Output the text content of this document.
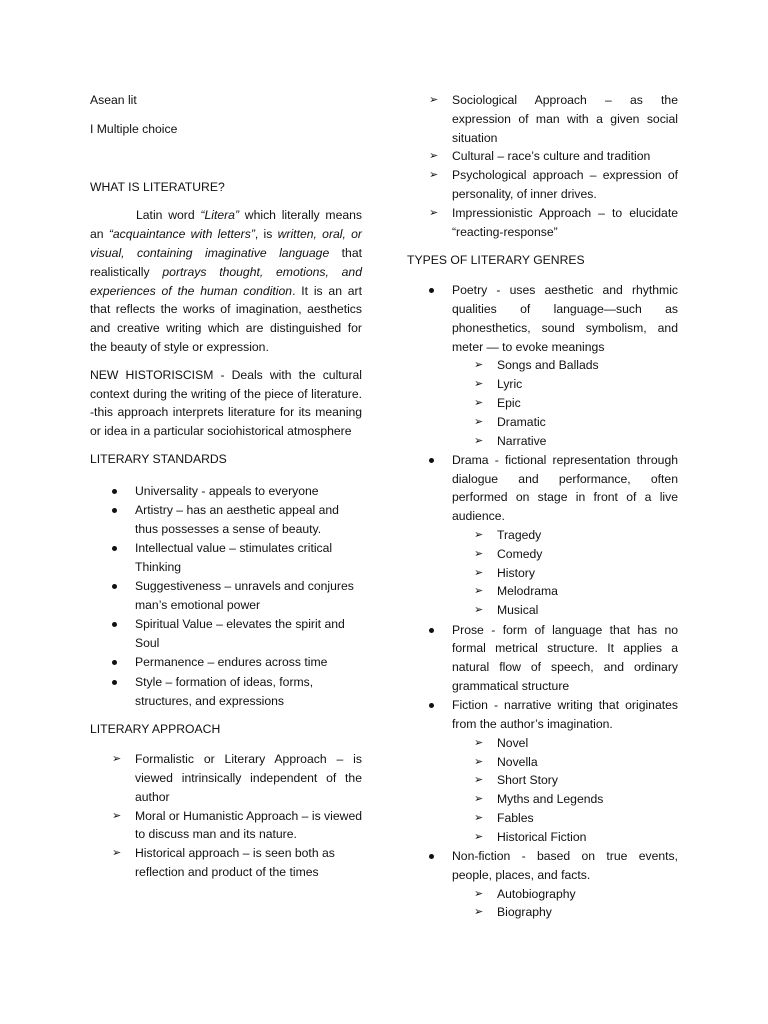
Asean lit

I Multiple choice

WHAT IS LITERATURE?

Latin word “Litera” which literally means an “acquaintance with letters”, is written, oral, or visual, containing imaginative language that realistically portrays thought, emotions, and experiences of the human condition. It is an art that reflects the works of imagination, aesthetics and creative writing which are distinguished for the beauty of style or expression.

NEW HISTORISCISM - Deals with the cultural context during the writing of the piece of literature. -this approach interprets literature for its meaning or idea in a particular sociohistorical atmosphere

LITERARY STANDARDS

Universality - appeals to everyone
Artistry – has an aesthetic appeal and thus possesses a sense of beauty.
Intellectual value – stimulates critical Thinking
Suggestiveness – unravels and conjures man’s emotional power
Spiritual Value – elevates the spirit and Soul
Permanence – endures across time
Style – formation of ideas, forms, structures, and expressions

LITERARY APPROACH

➢ Formalistic or Literary Approach – is viewed intrinsically independent of the author
➢ Moral or Humanistic Approach – is viewed to discuss man and its nature.
➢ Historical approach – is seen both as reflection and product of the times
➢ Sociological Approach – as the expression of man with a given social situation
➢ Cultural – race’s culture and tradition
➢ Psychological approach – expression of personality, of inner drives.
➢ Impressionistic Approach – to elucidate “reacting-response”

TYPES OF LITERARY GENRES

Poetry - uses aesthetic and rhythmic qualities of language—such as phonesthetics, sound symbolism, and meter — to evoke meanings
➢ Songs and Ballads
➢ Lyric
➢ Epic
➢ Dramatic
➢ Narrative
Drama - fictional representation through dialogue and performance, often performed on stage in front of a live audience.
➢ Tragedy
➢ Comedy
➢ History
➢ Melodrama
➢ Musical
Prose - form of language that has no formal metrical structure. It applies a natural flow of speech, and ordinary grammatical structure
Fiction - narrative writing that originates from the author’s imagination.
➢ Novel
➢ Novella
➢ Short Story
➢ Myths and Legends
➢ Fables
➢ Historical Fiction
Non-fiction - based on true events, people, places, and facts.
➢ Autobiography
➢ Biography
